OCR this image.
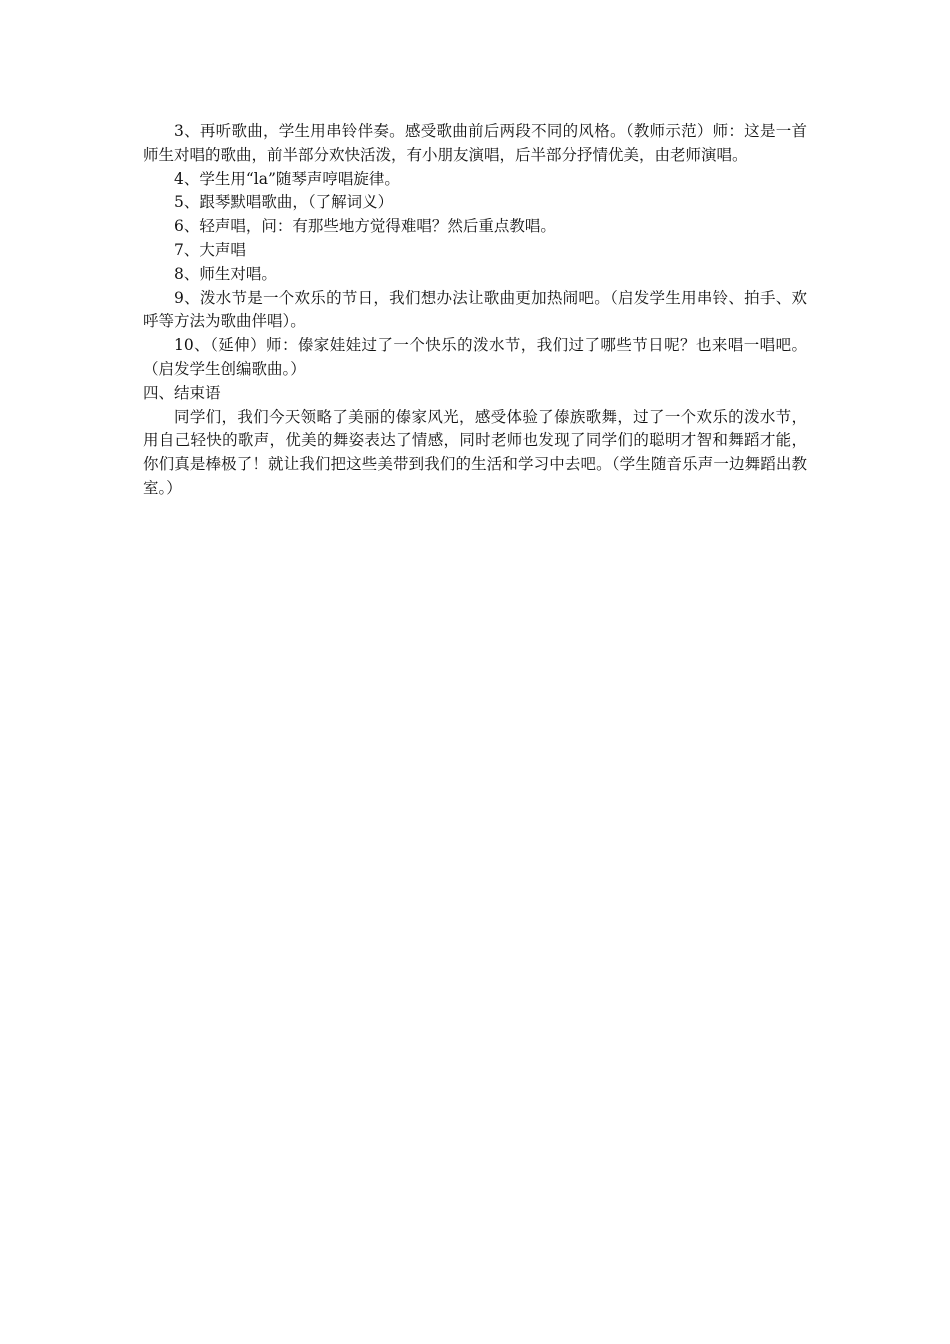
3、再听歌曲，学生用串铃伴奏。感受歌曲前后两段不同的风格。（教师示范）师：这是一首师生对唱的歌曲，前半部分欢快活泼，有小朋友演唱，后半部分抒情优美，由老师演唱。

4、学生用“la”随琴声哼唱旋律。

5、跟琴默唱歌曲，（了解词义）

6、轻声唱，问：有那些地方觉得难唱？然后重点教唱。

7、大声唱

8、师生对唱。

9、泼水节是一个欢乐的节日，我们想办法让歌曲更加热闹吧。（启发学生用串铃、拍手、欢呼等方法为歌曲伴唱）。

10、（延伸）师：傣家娃娃过了一个快乐的泼水节，我们过了哪些节日呢？也来唱一唱吧。（启发学生创编歌曲。）

四、结束语

同学们，我们今天领略了美丽的傣家风光，感受体验了傣族歌舞，过了一个欢乐的泼水节，用自己轻快的歌声，优美的舞姿表达了情感，同时老师也发现了同学们的聪明才智和舞蹈才能，你们真是棒极了！就让我们把这些美带到我们的生活和学习中去吧。（学生随音乐声一边舞蹈出教室。）
